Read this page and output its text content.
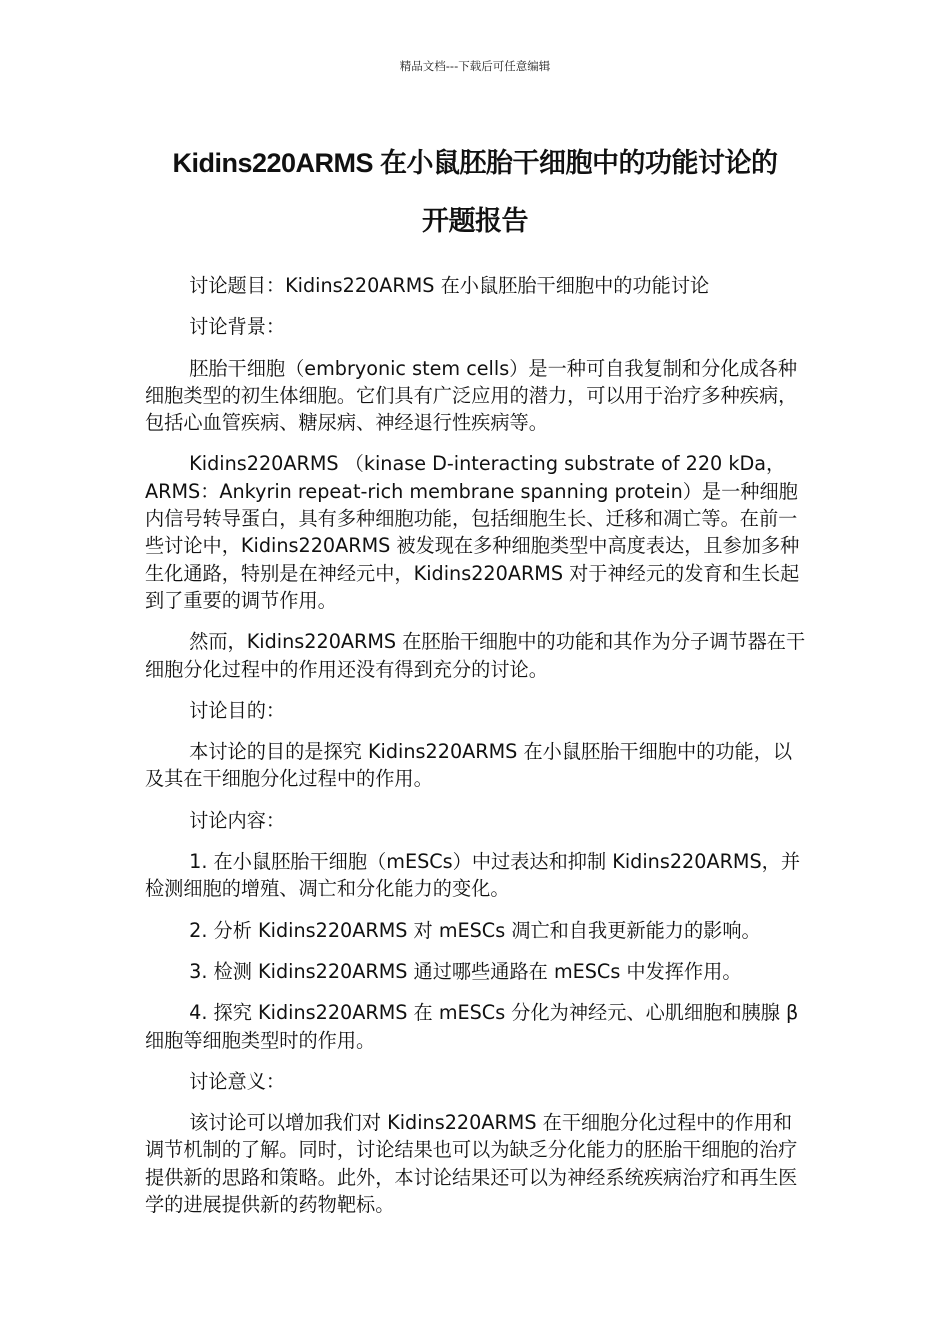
精品文档---下载后可任意编辑
Kidins220ARMS 在小鼠胚胎干细胞中的功能讨论的
开题报告

讨论题目：Kidins220ARMS 在小鼠胚胎干细胞中的功能讨论

讨论背景：

胚胎干细胞（embryonic stem cells）是一种可自我复制和分化成各种细胞类型的初生体细胞。它们具有广泛应用的潜力，可以用于治疗多种疾病，包括心血管疾病、糖尿病、神经退行性疾病等。

Kidins220ARMS （kinase D-interacting substrate of 220 kDa，ARMS：Ankyrin repeat-rich membrane spanning protein）是一种细胞内信号转导蛋白，具有多种细胞功能，包括细胞生长、迁移和凋亡等。在前一些讨论中，Kidins220ARMS 被发现在多种细胞类型中高度表达，且参加多种生化通路，特别是在神经元中，Kidins220ARMS 对于神经元的发育和生长起到了重要的调节作用。

然而，Kidins220ARMS 在胚胎干细胞中的功能和其作为分子调节器在干细胞分化过程中的作用还没有得到充分的讨论。

讨论目的：

本讨论的目的是探究 Kidins220ARMS 在小鼠胚胎干细胞中的功能，以及其在干细胞分化过程中的作用。

讨论内容：

1. 在小鼠胚胎干细胞（mESCs）中过表达和抑制 Kidins220ARMS，并检测细胞的增殖、凋亡和分化能力的变化。

2. 分析 Kidins220ARMS 对 mESCs 凋亡和自我更新能力的影响。

3. 检测 Kidins220ARMS 通过哪些通路在 mESCs 中发挥作用。

4. 探究 Kidins220ARMS 在 mESCs 分化为神经元、心肌细胞和胰腺 β 细胞等细胞类型时的作用。

讨论意义：

该讨论可以增加我们对 Kidins220ARMS 在干细胞分化过程中的作用和调节机制的了解。同时，讨论结果也可以为缺乏分化能力的胚胎干细胞的治疗提供新的思路和策略。此外，本讨论结果还可以为神经系统疾病治疗和再生医学的进展提供新的药物靶标。
